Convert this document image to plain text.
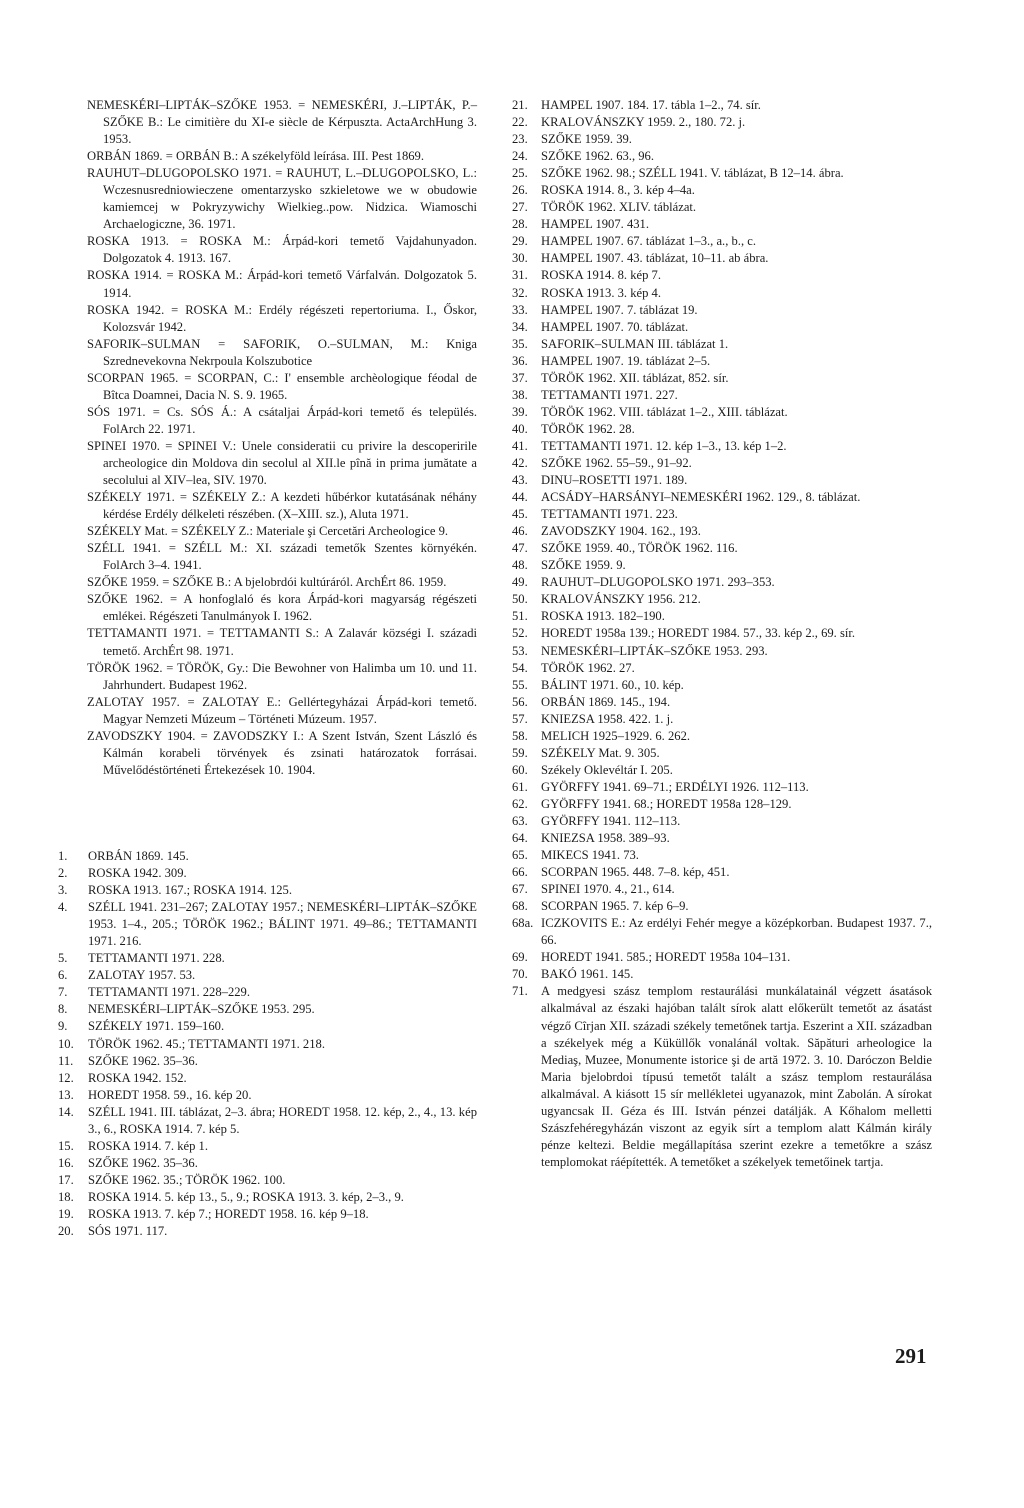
NEMESKÉRI–LIPTÁK–SZŐKE 1953. = NEMESKÉRI, J.–LIPTÁK, P.–SZŐKE B.: Le cimitière du XI-e siècle de Kérpuszta. ActaArchHung 3. 1953.
ORBÁN 1869. = ORBÁN B.: A székelyföld leírása. III. Pest 1869.
RAUHUT–DLUGOPOLSKO 1971. = RAUHUT, L.–DLUGOPOLSKO, L.: Wczesnusredniowieczene omentarzysko szkieletowe we w obudowie kamiemcej w Pokryzywichy Wielkieg..pow. Nidzica. Wiamoschi Archaelogiczne, 36. 1971.
ROSKA 1913. = ROSKA M.: Árpád-kori temető Vajdahunyadon. Dolgozatok 4. 1913. 167.
ROSKA 1914. = ROSKA M.: Árpád-kori temető Várfalván. Dolgozatok 5. 1914.
ROSKA 1942. = ROSKA M.: Erdély régészeti repertoriuma. I., Őskor, Kolozsvár 1942.
SAFORIK–SULMAN = SAFORIK, O.–SULMAN, M.: Kniga Szrednevekovna Nekrpoula Kolszubotice
SCORPAN 1965. = SCORPAN, C.: I' ensemble archèologique féodal de Bîtca Doamnei, Dacia N. S. 9. 1965.
SÓS 1971. = Cs. SÓS Á.: A csátaljai Árpád-kori temető és település. FolArch 22. 1971.
SPINEI 1970. = SPINEI V.: Unele consideratii cu privire la descoperirile archeologice din Moldova din secolul al XII.le pînă in prima jumătate a secolului al XIV–lea, SIV. 1970.
SZÉKELY 1971. = SZÉKELY Z.: A kezdeti hűbérkor kutatásának néhány kérdése Erdély délkeleti részében. (X–XIII. sz.), Aluta 1971.
SZÉKELY Mat. = SZÉKELY Z.: Materiale şi Cercetări Archeologice 9.
SZÉLL 1941. = SZÉLL M.: XI. századi temetők Szentes környékén. FolArch 3–4. 1941.
SZŐKE 1959. = SZŐKE B.: A bjelobrdói kultúráról. ArchÉrt 86. 1959.
SZŐKE 1962. = A honfoglaló és kora Árpád-kori magyarság régészeti emlékei. Régészeti Tanulmányok I. 1962.
TETTAMANTI 1971. = TETTAMANTI S.: A Zalavár községi I. századi temető. ArchÉrt 98. 1971.
TÖRÖK 1962. = TÖRÖK, Gy.: Die Bewohner von Halimba um 10. und 11. Jahrhundert. Budapest 1962.
ZALOTAY 1957. = ZALOTAY E.: Gellértegyházai Árpád-kori temető. Magyar Nemzeti Múzeum – Történeti Múzeum. 1957.
ZAVODSZKY 1904. = ZAVODSZKY I.: A Szent István, Szent László és Kálmán korabeli törvények és zsinati határozatok forrásai. Művelődéstörténeti Értekezések 10. 1904.
1.	ORBÁN 1869. 145.
2.	ROSKA 1942. 309.
3.	ROSKA 1913. 167.; ROSKA 1914. 125.
4.	SZÉLL 1941. 231–267; ZALOTAY 1957.; NEMESKÉRI–LIPTÁK–SZŐKE 1953. 1–4., 205.; TÖRÖK 1962.; BÁLINT 1971. 49–86.; TETTAMANTI 1971. 216.
5.	TETTAMANTI 1971. 228.
6.	ZALOTAY 1957. 53.
7.	TETTAMANTI 1971. 228–229.
8.	NEMESKÉRI–LIPTÁK–SZŐKE 1953. 295.
9.	SZÉKELY 1971. 159–160.
10.	TÖRÖK 1962. 45.; TETTAMANTI 1971. 218.
11.	SZŐKE 1962. 35–36.
12.	ROSKA 1942. 152.
13.	HOREDT 1958. 59., 16. kép 20.
14.	SZÉLL 1941. III. táblázat, 2–3. ábra; HOREDT 1958. 12. kép, 2., 4., 13. kép 3., 6., ROSKA 1914. 7. kép 5.
15.	ROSKA 1914. 7. kép 1.
16.	SZŐKE 1962. 35–36.
17.	SZŐKE 1962. 35.; TÖRÖK 1962. 100.
18.	ROSKA 1914. 5. kép 13., 5., 9.; ROSKA 1913. 3. kép, 2–3., 9.
19.	ROSKA 1913. 7. kép 7.; HOREDT 1958. 16. kép 9–18.
20.	SÓS 1971. 117.
21.	HAMPEL 1907. 184. 17. tábla 1–2., 74. sír.
22.	KRALOVÁNSZKY 1959. 2., 180. 72. j.
23.	SZŐKE 1959. 39.
24.	SZŐKE 1962. 63., 96.
25.	SZŐKE 1962. 98.; SZÉLL 1941. V. táblázat, B 12–14. ábra.
26.	ROSKA 1914. 8., 3. kép 4–4a.
27.	TÖRÖK 1962. XLIV. táblázat.
28.	HAMPEL 1907. 431.
29.	HAMPEL 1907. 67. táblázat 1–3., a., b., c.
30.	HAMPEL 1907. 43. táblázat, 10–11. ab ábra.
31.	ROSKA 1914. 8. kép 7.
32.	ROSKA 1913. 3. kép 4.
33.	HAMPEL 1907. 7. táblázat 19.
34.	HAMPEL 1907. 70. táblázat.
35.	SAFORIK–SULMAN III. táblázat 1.
36.	HAMPEL 1907. 19. táblázat 2–5.
37.	TÖRÖK 1962. XII. táblázat, 852. sír.
38.	TETTAMANTI 1971. 227.
39.	TÖRÖK 1962. VIII. táblázat 1–2., XIII. táblázat.
40.	TÖRÖK 1962. 28.
41.	TETTAMANTI 1971. 12. kép 1–3., 13. kép 1–2.
42.	SZŐKE 1962. 55–59., 91–92.
43.	DINU–ROSETTI 1971. 189.
44.	ACSÁDY–HARSÁNYI–NEMESKÉRI 1962. 129., 8. táblázat.
45.	TETTAMANTI 1971. 223.
46.	ZAVODSZKY 1904. 162., 193.
47.	SZŐKE 1959. 40., TÖRÖK 1962. 116.
48.	SZŐKE 1959. 9.
49.	RAUHUT–DLUGOPOLSKO 1971. 293–353.
50.	KRALOVÁNSZKY 1956. 212.
51.	ROSKA 1913. 182–190.
52.	HOREDT 1958a 139.; HOREDT 1984. 57., 33. kép 2., 69. sír.
53.	NEMESKÉRI–LIPTÁK–SZŐKE 1953. 293.
54.	TÖRÖK 1962. 27.
55.	BÁLINT 1971. 60., 10. kép.
56.	ORBÁN 1869. 145., 194.
57.	KNIEZSA 1958. 422. 1. j.
58.	MELICH 1925–1929. 6. 262.
59.	SZÉKELY Mat. 9. 305.
60.	Székely Oklevéltár I. 205.
61.	GYÖRFFY 1941. 69–71.; ERDÉLYI 1926. 112–113.
62.	GYÖRFFY 1941. 68.; HOREDT 1958a 128–129.
63.	GYÖRFFY 1941. 112–113.
64.	KNIEZSA 1958. 389–93.
65.	MIKECS 1941. 73.
66.	SCORPAN 1965. 448. 7–8. kép, 451.
67.	SPINEI 1970. 4., 21., 614.
68.	SCORPAN 1965. 7. kép 6–9.
68a. ICZKOVITS E.: Az erdélyi Fehér megye a középkorban. Budapest 1937. 7., 66.
69.	HOREDT 1941. 585.; HOREDT 1958a 104–131.
70.	BAKÓ 1961. 145.
71.	A medgyesi szász templom restaurálási munkálatainál végzett ásatások alkalmával az északi hajóban talált sírok alatt előkerült temetőt az ásatást végző Cîrjan XII. századi székely temetőnek tartja. Eszerint a XII. században a székelyek még a Küküllők vonalánál voltak. Săpături arheologice la Mediaş, Muzee, Monumente istorice şi de artă 1972. 3. 10. Daróczon Beldie Maria bjelobrdoi típusú temetőt talált a szász templom restaurálása alkalmával. A kiásott 15 sír mellékletei ugyanazok, mint Zabolán. A sírokat ugyancsak II. Géza és III. István pénzei datálják. A Kőhalom melletti Szászfehéregyházán viszont az egyik sírt a templom alatt Kálmán király pénze keltezi. Beldie megállapítása szerint ezekre a temetőkre a szász templomokat ráépítették. A temetőket a székelyek temetőinek tartja.
291
